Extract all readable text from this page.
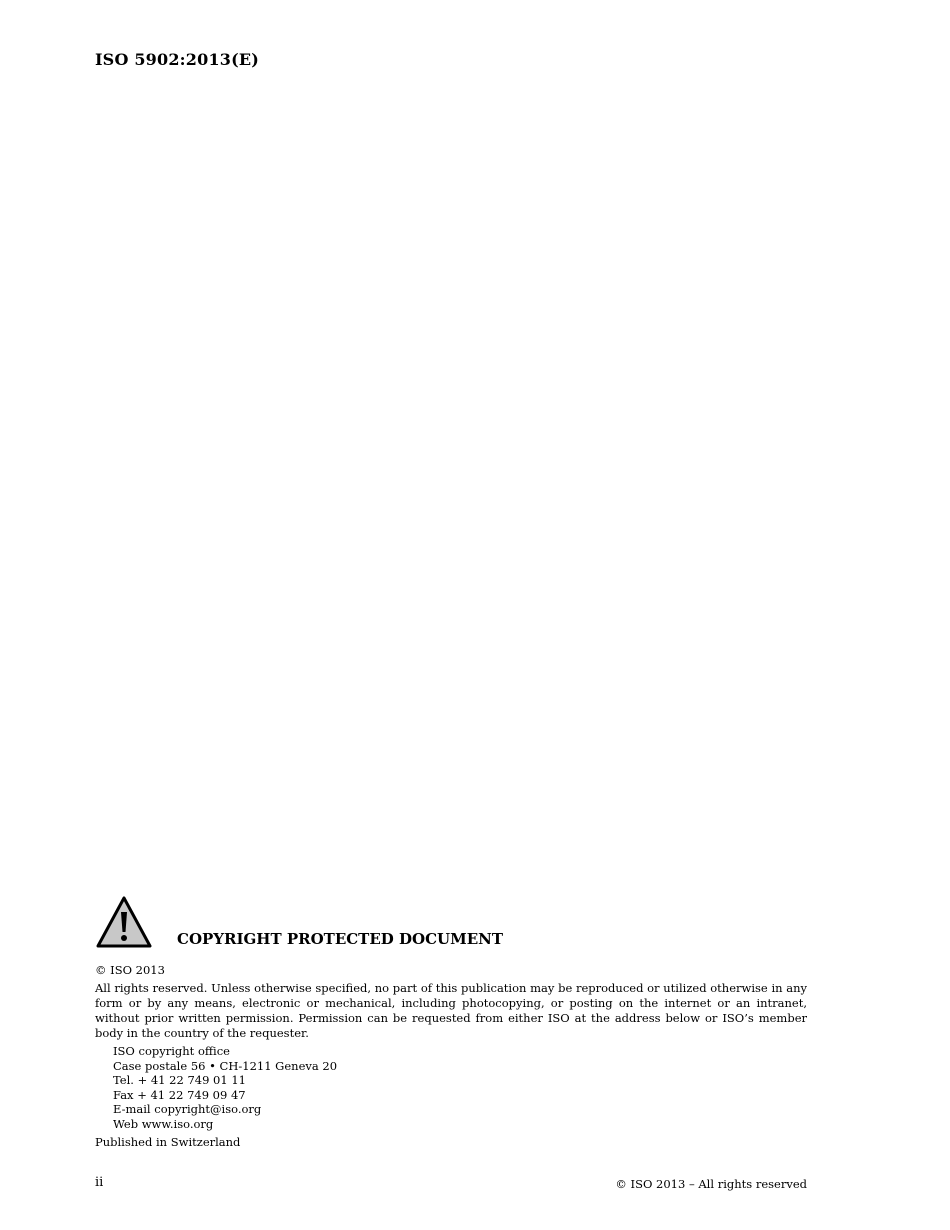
ISO 5902:2013(E)
COPYRIGHT PROTECTED DOCUMENT
© ISO 2013

All rights reserved. Unless otherwise specified, no part of this publication may be reproduced or utilized otherwise in any form or by any means, electronic or mechanical, including photocopying, or posting on the internet or an intranet, without prior written permission. Permission can be requested from either ISO at the address below or ISO’s member body in the country of the requester.

ISO copyright office
Case postale 56 • CH-1211 Geneva 20
Tel. + 41 22 749 01 11
Fax + 41 22 749 09 47
E-mail copyright@iso.org
Web www.iso.org
Published in Switzerland
ii	© ISO 2013 – All rights reserved
